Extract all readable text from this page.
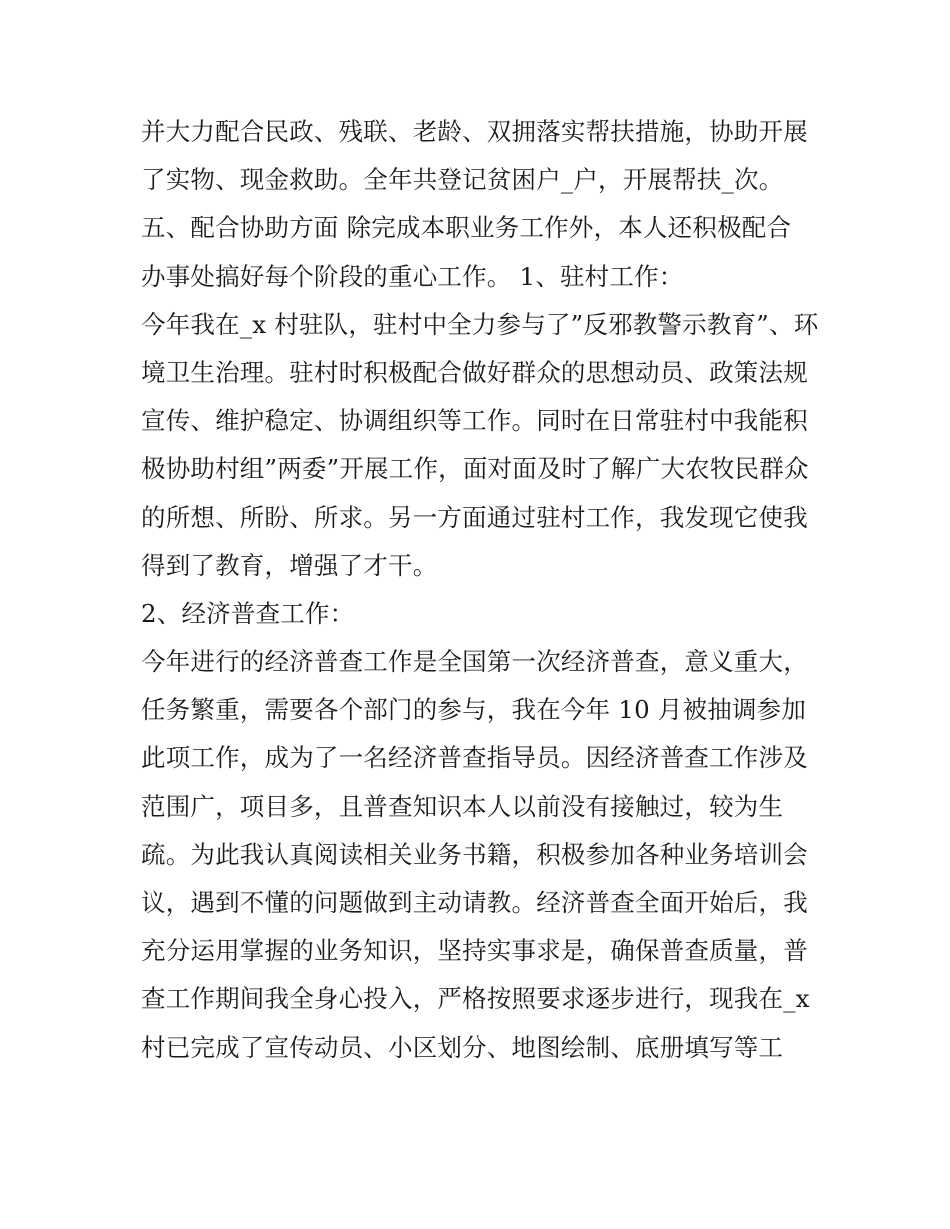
并大力配合民政、残联、老龄、双拥落实帮扶措施，协助开展
了实物、现金救助。全年共登记贫困户_户，开展帮扶_次。
五、配合协助方面 除完成本职业务工作外，本人还积极配合
办事处搞好每个阶段的重心工作。 1、驻村工作：
今年我在_x 村驻队，驻村中全力参与了”反邪教警示教育”、环
境卫生治理。驻村时积极配合做好群众的思想动员、政策法规
宣传、维护稳定、协调组织等工作。同时在日常驻村中我能积
极协助村组”两委”开展工作，面对面及时了解广大农牧民群众
的所想、所盼、所求。另一方面通过驻村工作，我发现它使我
得到了教育，增强了才干。
2、经济普查工作：
今年进行的经济普查工作是全国第一次经济普查，意义重大，
任务繁重，需要各个部门的参与，我在今年 10 月被抽调参加
此项工作，成为了一名经济普查指导员。因经济普查工作涉及
范围广，项目多，且普查知识本人以前没有接触过，较为生
疏。为此我认真阅读相关业务书籍，积极参加各种业务培训会
议，遇到不懂的问题做到主动请教。经济普查全面开始后，我
充分运用掌握的业务知识，坚持实事求是，确保普查质量，普
查工作期间我全身心投入，严格按照要求逐步进行，现我在_x
村已完成了宣传动员、小区划分、地图绘制、底册填写等工
